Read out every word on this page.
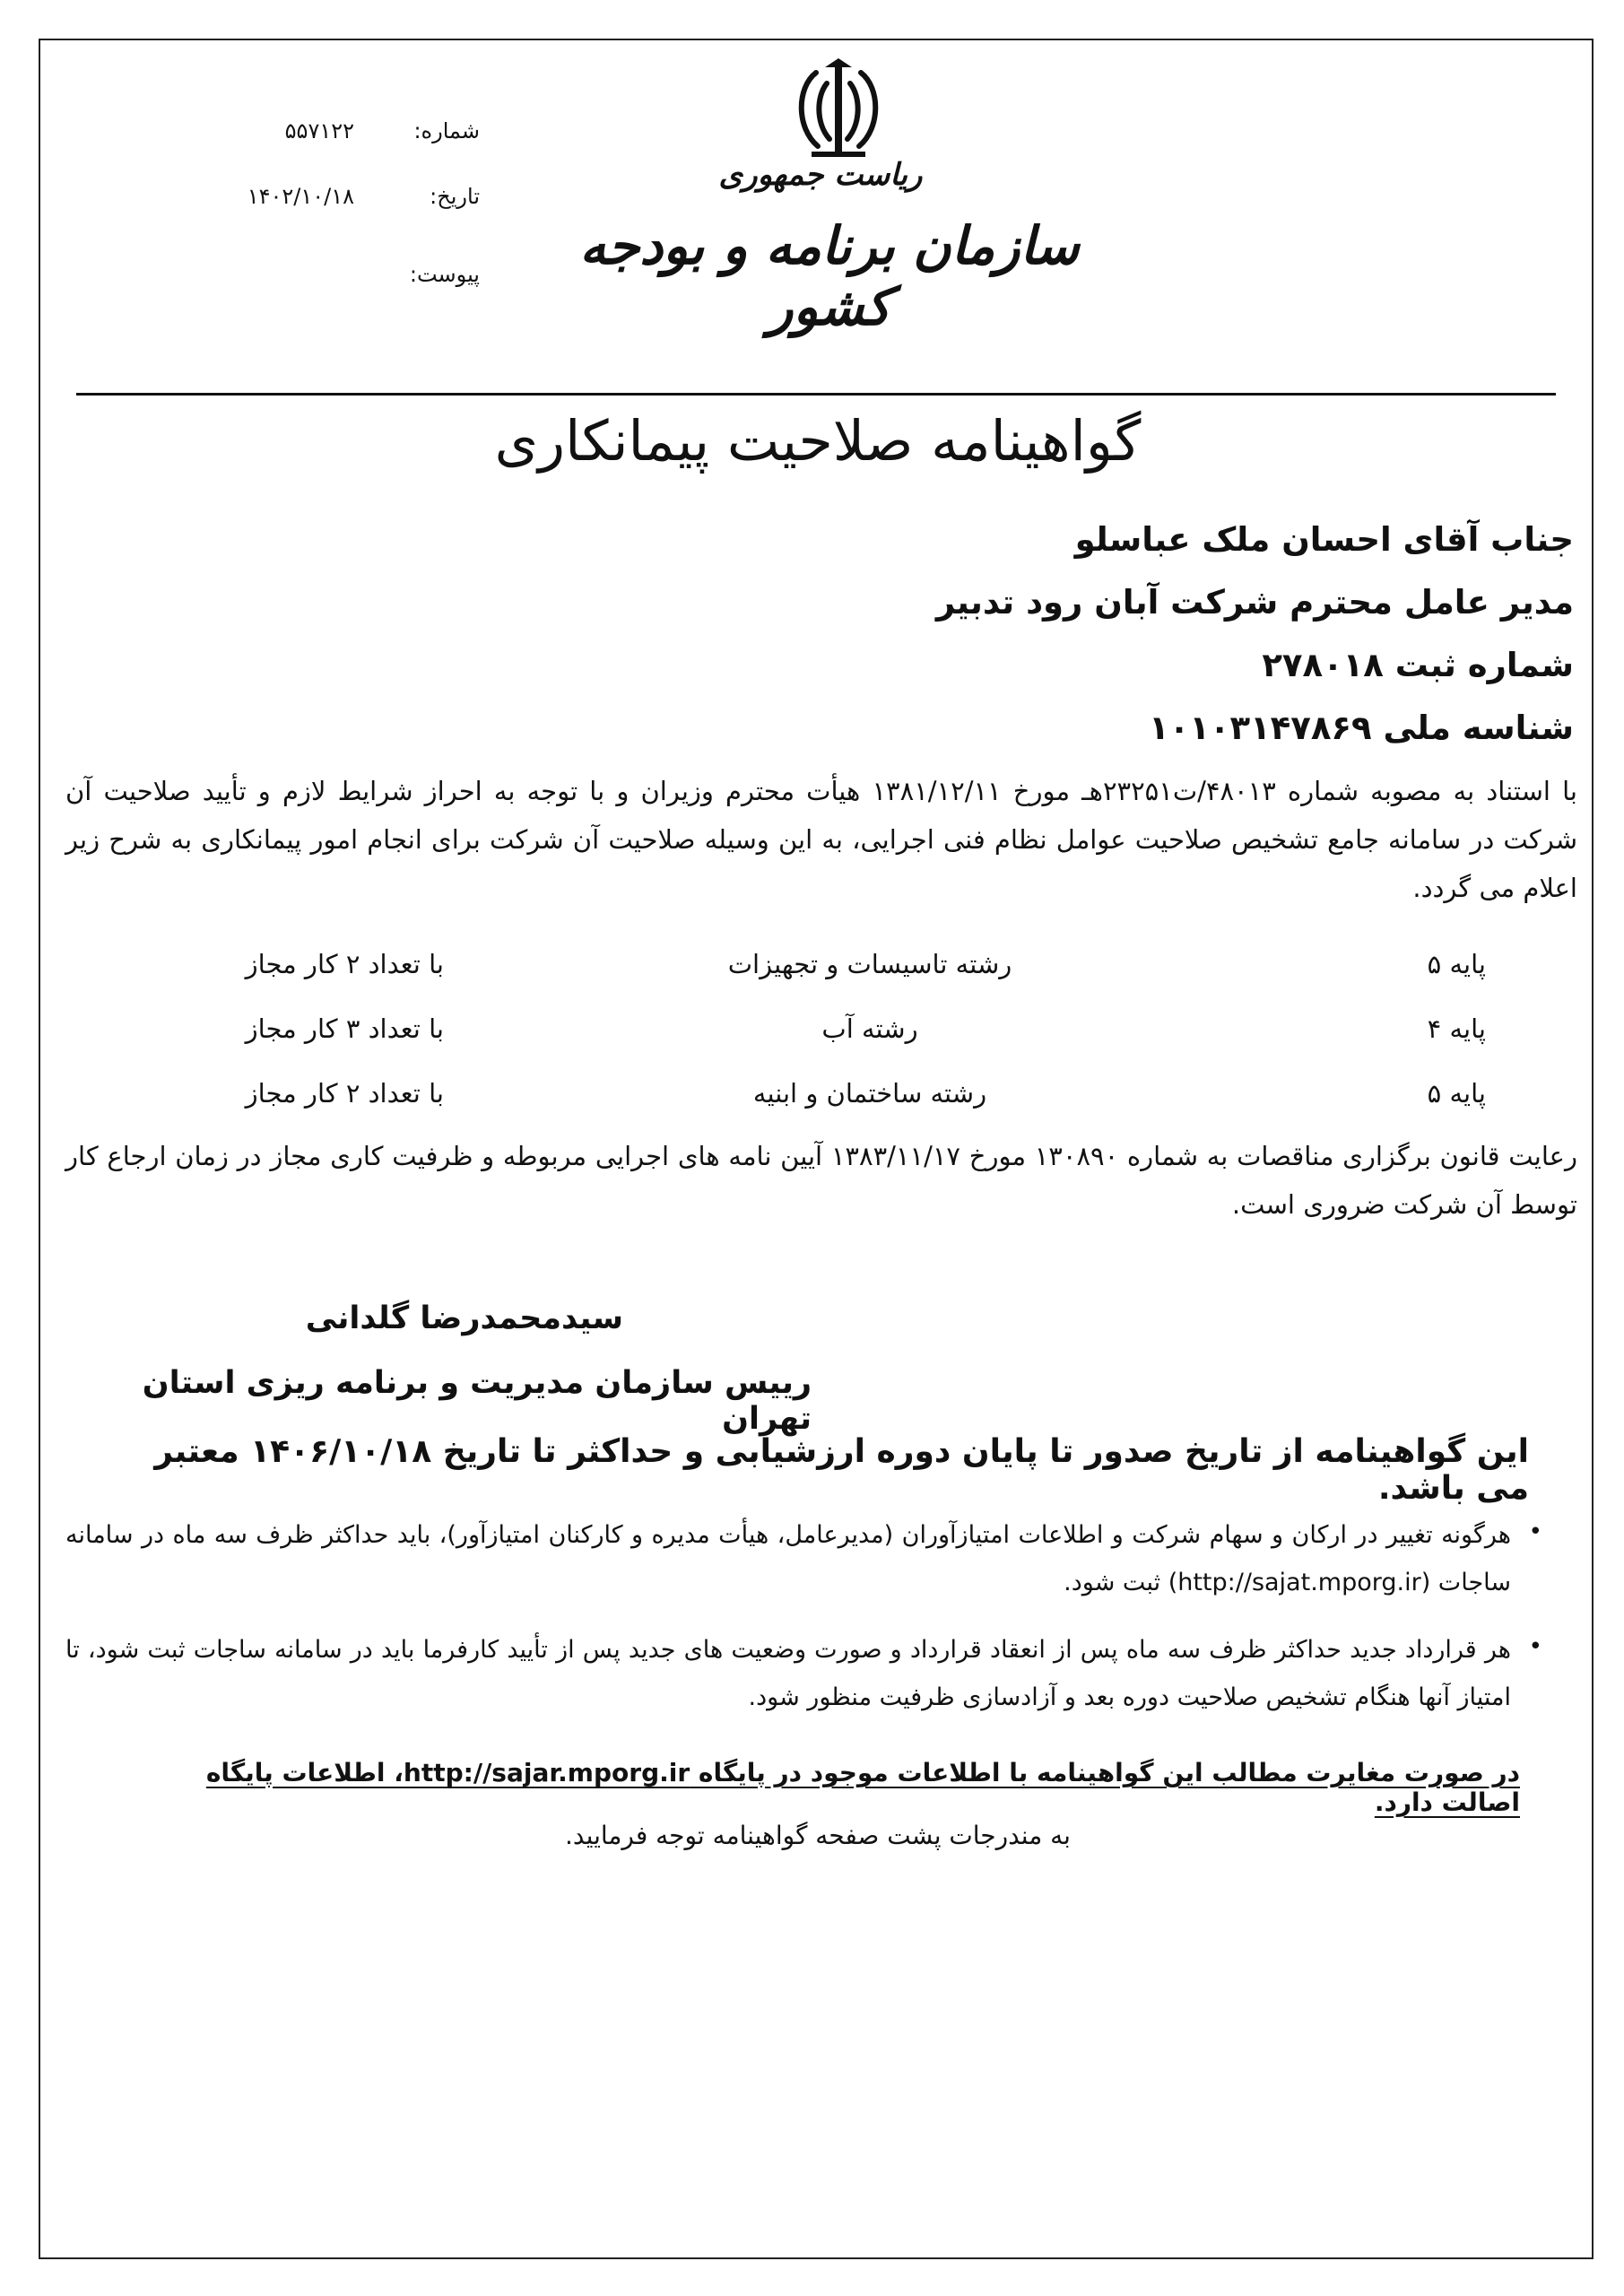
شماره:
۵۵۷۱۲۲
تاریخ:
۱۴۰۲/۱۰/۱۸
پیوست:
ریاست جمهوری
سازمان برنامه و بودجه کشور
گواهینامه صلاحیت پیمانکاری
جناب آقای احسان ملک عباسلو
مدیر عامل محترم شرکت آبان رود تدبیر
شماره ثبت ۲۷۸۰۱۸
شناسه ملی ۱۰۱۰۳۱۴۷۸۶۹
با استناد به مصوبه شماره ۴۸۰۱۳/ت۲۳۲۵۱هـ مورخ ۱۳۸۱/۱۲/۱۱ هیأت محترم وزیران و با توجه به احراز شرایط لازم و تأیید صلاحیت آن شرکت در سامانه جامع تشخیص صلاحیت عوامل نظام فنی اجرایی، به این وسیله صلاحیت آن شرکت برای انجام امور پیمانکاری به شرح زیر اعلام می گردد.
پایه ۵
رشته تاسیسات و تجهیزات
با تعداد ۲ کار مجاز
پایه ۴
رشته آب
با تعداد ۳ کار مجاز
پایه ۵
رشته ساختمان و ابنیه
با تعداد ۲ کار مجاز
رعایت قانون برگزاری مناقصات به شماره ۱۳۰۸۹۰ مورخ ۱۳۸۳/۱۱/۱۷ آیین نامه های اجرایی مربوطه و ظرفیت کاری مجاز در زمان ارجاع کار توسط آن شرکت ضروری است.
سیدمحمدرضا گلدانی
رییس سازمان مدیریت و برنامه ریزی استان تهران
این گواهینامه از تاریخ صدور تا پایان دوره ارزشیابی و حداکثر تا تاریخ ۱۴۰۶/۱۰/۱۸ معتبر می باشد.
•
هرگونه تغییر در ارکان و سهام شرکت و اطلاعات امتیازآوران (مدیرعامل، هیأت مدیره و کارکنان امتیازآور)، باید حداکثر ظرف سه ماه در سامانه ساجات (http://sajat.mporg.ir) ثبت شود.
•
هر قرارداد جدید حداکثر ظرف سه ماه پس از انعقاد قرارداد و صورت وضعیت های جدید پس از تأیید کارفرما باید در سامانه ساجات ثبت شود، تا امتیاز آنها هنگام تشخیص صلاحیت دوره بعد و آزادسازی ظرفیت منظور شود.
در صورت مغایرت مطالب این گواهینامه با اطلاعات موجود در پایگاه http://sajar.mporg.ir، اطلاعات پایگاه اصالت دارد.
به مندرجات پشت صفحه گواهینامه توجه فرمایید.
